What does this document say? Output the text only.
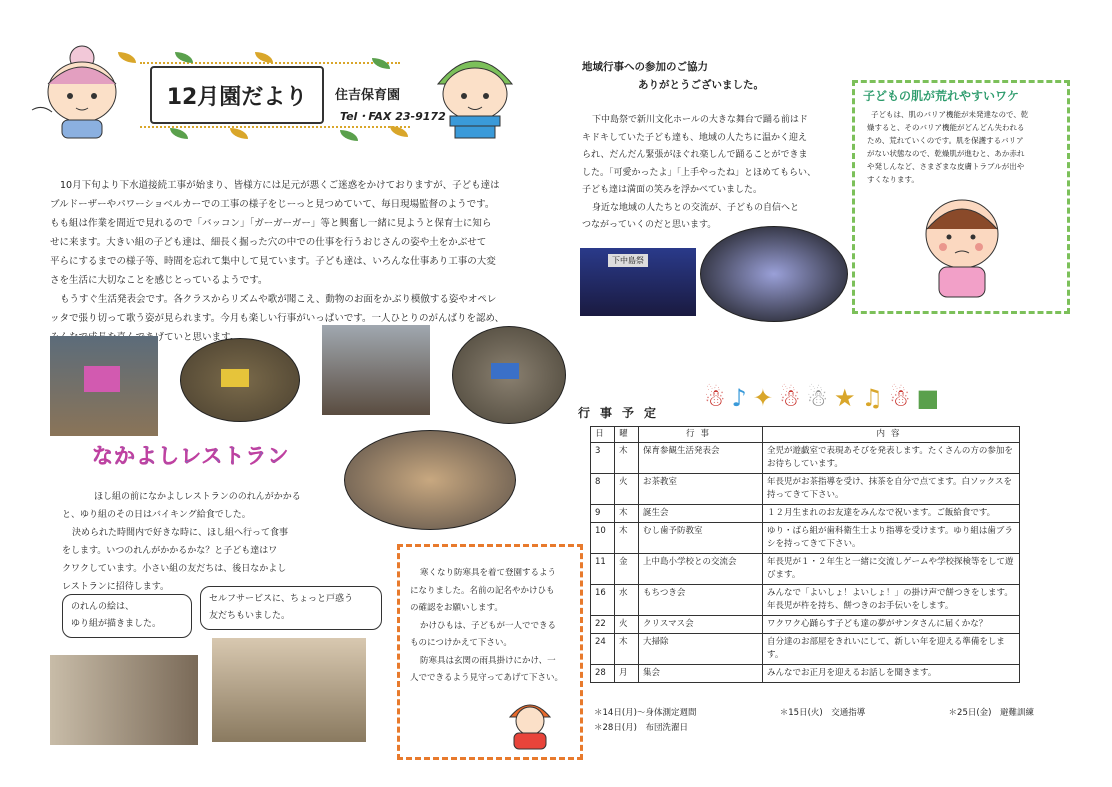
12月園だより	住吉保育園
Tel・FAX 23-9172
10月下旬より下水道接続工事が始まり、皆様方には足元が悪くご迷惑をかけておりますが、子ども達は
ブルドーザーやパワーショベルカーでの工事の様子をじーっと見つめていて、毎日現場監督のようです。
もも組は作業を間近で見れるので「バッコン」「ガーガーガー」等と興奮し一緒に見ようと保育士に知ら
せに来ます。大きい組の子ども達は、細長く掘った穴の中での仕事を行うおじさんの姿や土をかぶせて
平らにするまでの様子等、時間を忘れて集中して見ています。子ども達は、いろんな仕事あり工事の大変
さを生活に大切なことを感じとっているようです。
もうすぐ生活発表会です。各クラスからリズムや歌が聞こえ、動物のお面をかぶり模倣する姿やオペレ
ッタで張り切って歌う姿が見られます。今月も楽しい行事がいっぱいです。一人ひとりのがんばりを認め、
なかよしレストラン
ほし組の前になかよしレストランののれんがかかる
と、ゆり組のその日はバイキング給食でした。
決められた時間内で好きな時に、ほし組へ行って食事
をします。いつのれんがかかるかな？と子ども達はワ
クワクしています。小さい組の友だちは、後日なかよし
レストランに招待します。
のれんの絵は、
ゆり組が描きました。
セルフサービスに、ちょっと戸惑う
友だちもいました。
地域行事への参加のご協力
ありがとうございました。
下中島祭で新川文化ホールの大きな舞台で踊る前はド
キドキしていた子ども達も、地域の人たちに温かく迎え
られ、だんだん緊張がほぐれ楽しんで踊ることができま
した。「可愛かったよ」「上手やったね」とほめてもらい、
子ども達は満面の笑みを浮かべていました。
身近な地域の人たちとの交流が、子どもの自信へと
つながっていくのだと思います。
下中島祭
子どもの肌が荒れやすいワケ
子どもは、肌のバリア機能が未発達なので、乾
燥すると、そのバリア機能がどんどん失われる
ため、荒れていくのです。肌を保護するバリア
がない状態なので、乾燥肌が進むと、あか赤れ
や発しんなど、さまざまな皮膚トラブルが出や
すくなります。
寒くなり防寒具を着て登園するよう
になりました。名前の記名やかけひも
の確認をお願いします。
かけひもは、子どもが一人でできる
ものにつけかえて下さい。
防寒具は玄関の雨具掛けにかけ、一
人でできるよう見守ってあげて下さい。
行事予定
☃♪✦☃☃★♫☃■
日	曜	行事	内容
3	木	保育参観生活発表会	全児が遊戯室で表現あそびを発表します。たくさんの方の参加をお待ちしています。
8	火	お茶教室	年長児がお茶指導を受け、抹茶を自分で点てます。白ソックスを持ってきて下さい。
9	木	誕生会	１２月生まれのお友達をみんなで祝います。ご飯給食です。
10	木	むし歯予防教室	ゆり・ばら組が歯科衛生士より指導を受けます。ゆり組は歯ブラシを持ってきて下さい。
11	金	上中島小学校との交流会	年長児が１・２年生と一緒に交流しゲームや学校探検等をして遊びます。
16	水	もちつき会	みんなで「よいしょ！よいしょ！」の掛け声で餅つきをします。年長児が杵を持ち、餅つきのお手伝いをします。
22	火	クリスマス会	ワクワク心踊らす子ども達の夢がサンタさんに届くかな？
24	木	大掃除	自分達のお部屋をきれいにして、新しい年を迎える準備をします。
28	月	集会	みんなでお正月を迎えるお話しを聞きます。
＊14日(月)～身体測定週間	＊15日(火)　交通指導	＊25日(金)　避難訓練
＊28日(月)　布団洗濯日
